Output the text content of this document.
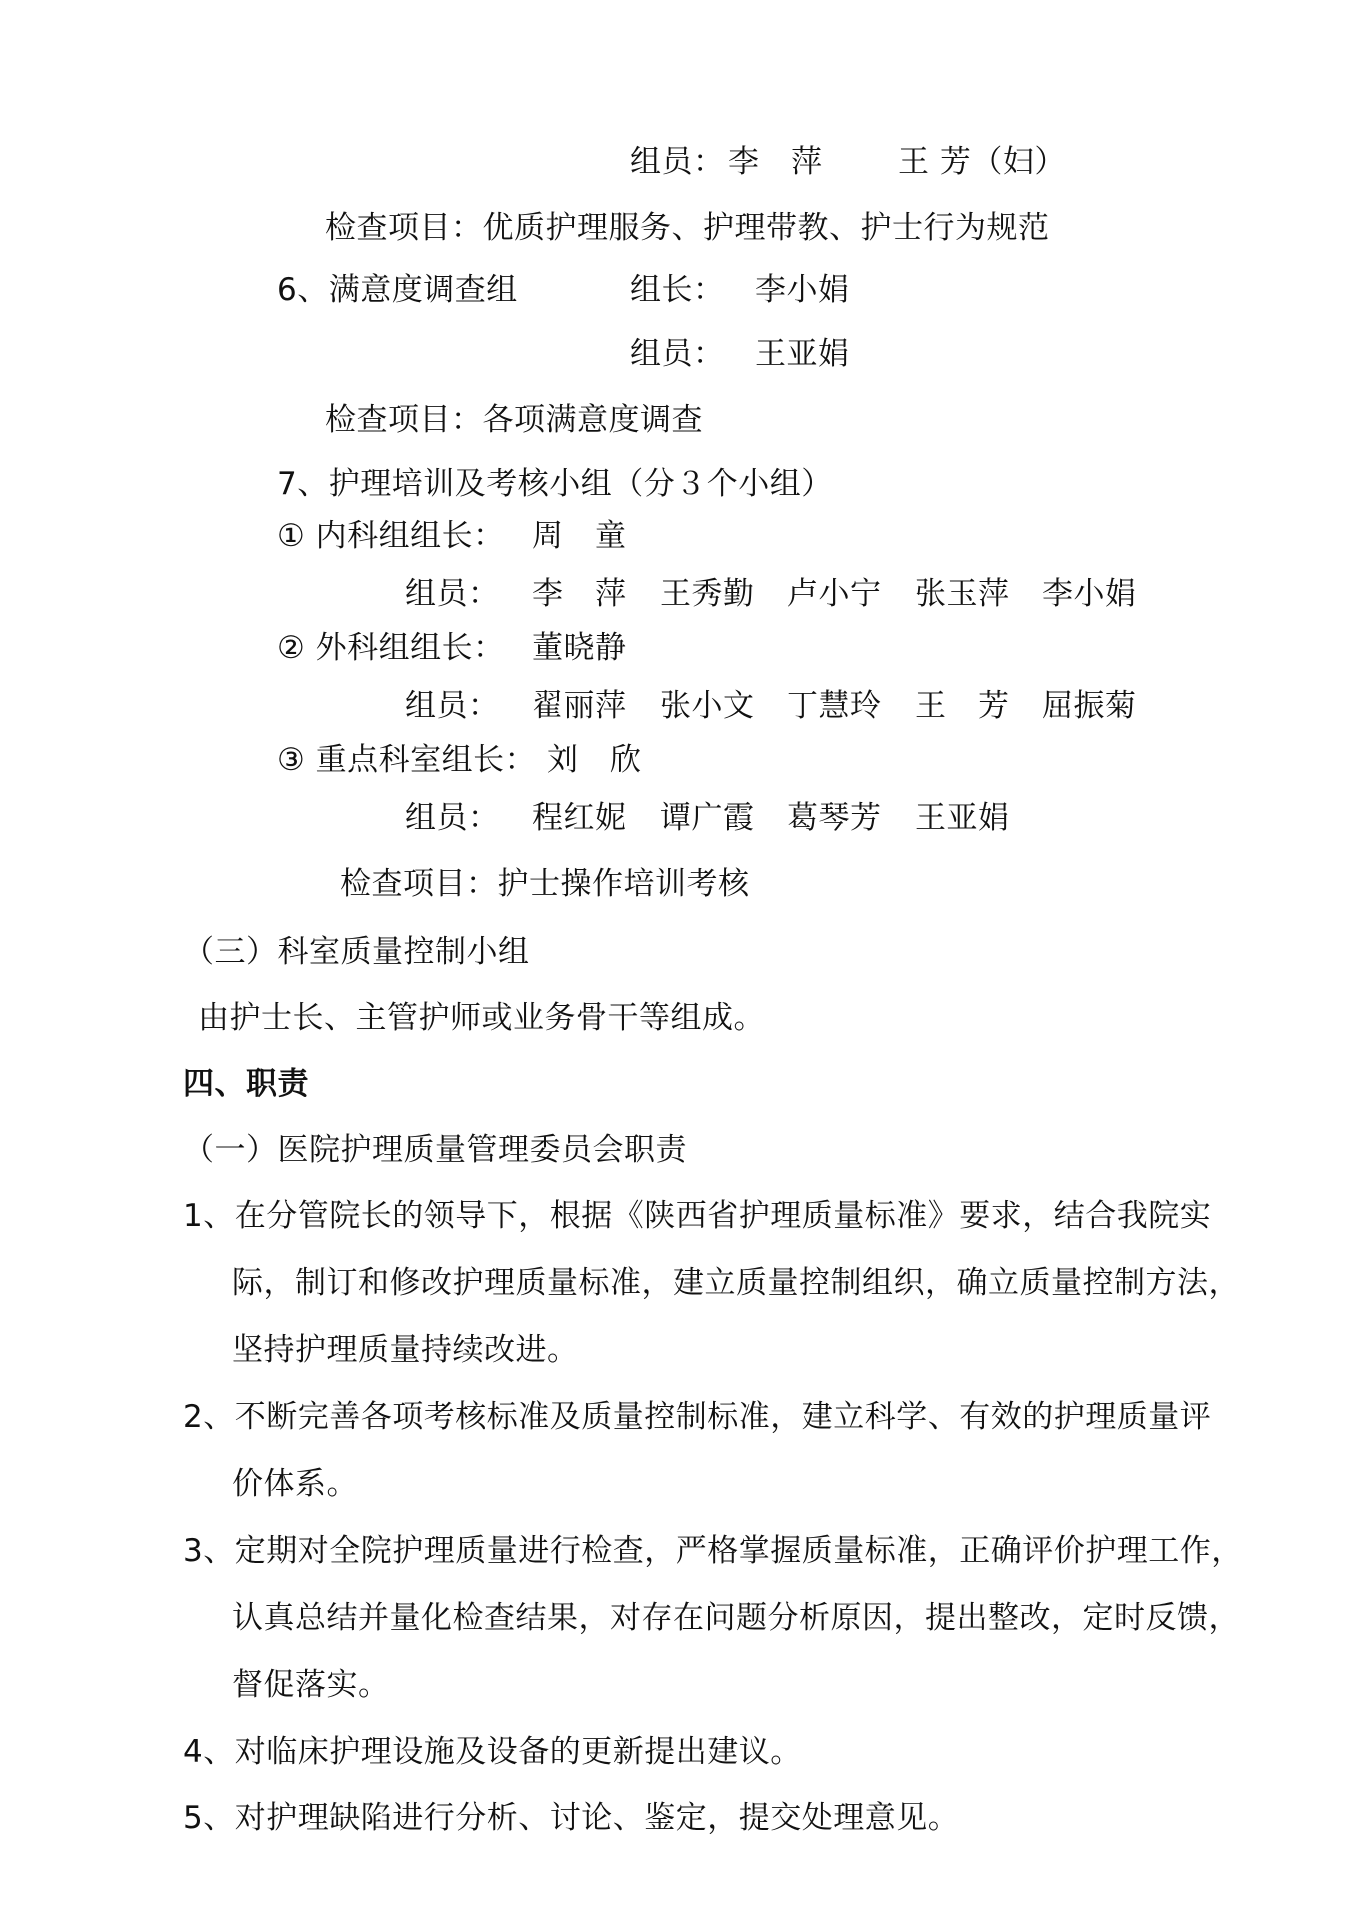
组员： 李　萍 王 芳（妇）
检查项目：优质护理服务、护理带教、护士行为规范
6、满意度调查组	组长： 李小娟
组员： 王亚娟
检查项目：各项满意度调查
7、护理培训及考核小组（分３个小组）
① 内科组组长： 周　童
组员： 李　萍 王秀勤 卢小宁 张玉萍 李小娟
② 外科组组长： 董晓静
组员： 翟丽萍 张小文 丁慧玲 王　芳 屈振菊
③ 重点科室组长： 刘　欣
组员： 程红妮 谭广霞 葛琴芳 王亚娟
检查项目：护士操作培训考核
（三）科室质量控制小组
由护士长、主管护师或业务骨干等组成。
四、职责
（一）医院护理质量管理委员会职责
1、在分管院长的领导下，根据《陕西省护理质量标准》要求，结合我院实
际，制订和修改护理质量标准，建立质量控制组织，确立质量控制方法，
坚持护理质量持续改进。
2、不断完善各项考核标准及质量控制标准，建立科学、有效的护理质量评
价体系。
3、定期对全院护理质量进行检查，严格掌握质量标准，正确评价护理工作，
认真总结并量化检查结果，对存在问题分析原因，提出整改，定时反馈，
督促落实。
4、对临床护理设施及设备的更新提出建议。
5、对护理缺陷进行分析、讨论、鉴定，提交处理意见。
